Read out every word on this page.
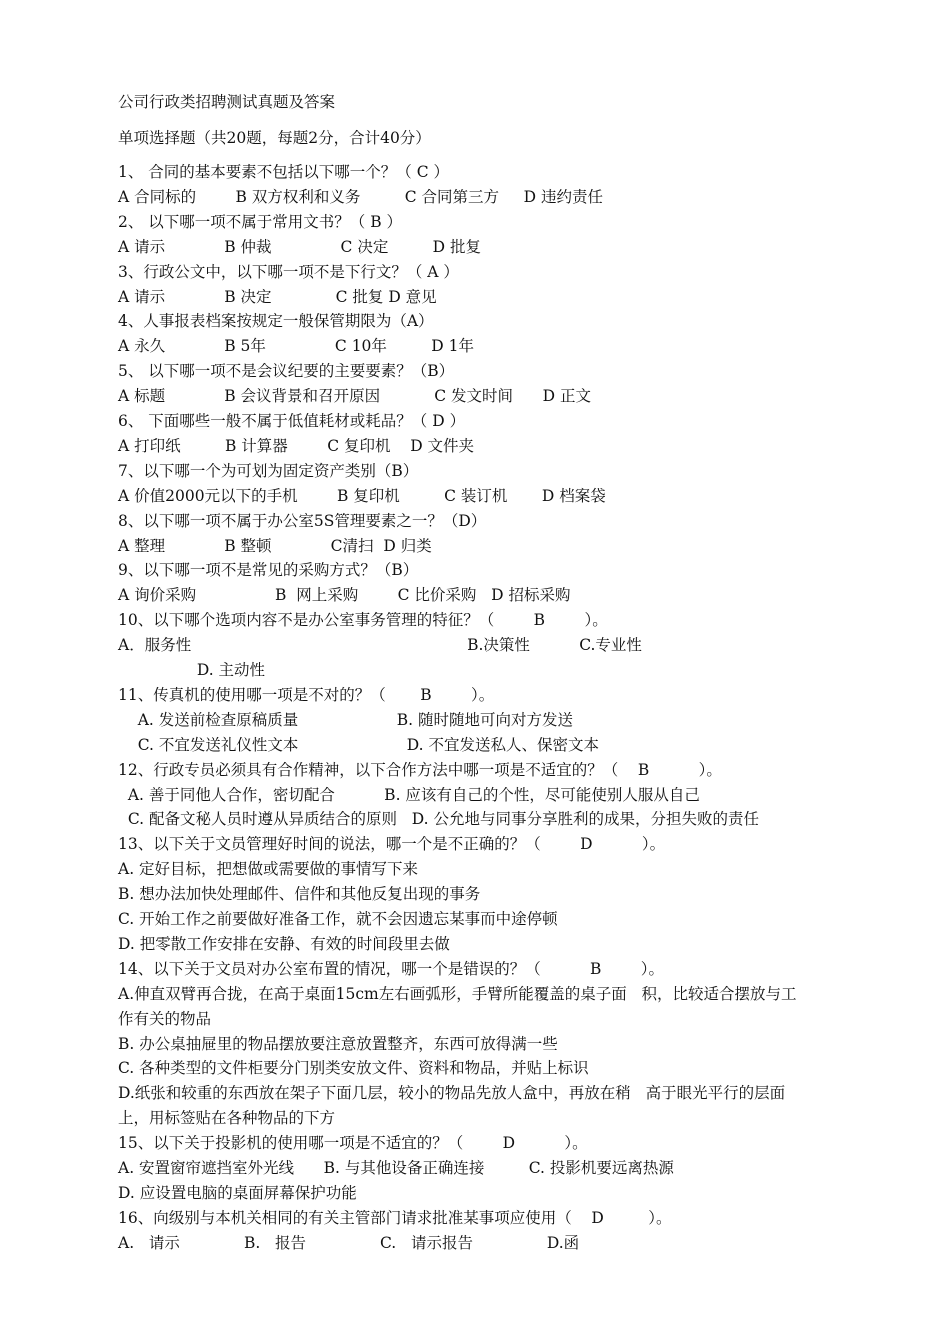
公司行政类招聘测试真题及答案
单项选择题（共20题，每题2分，合计40分）
1、 合同的基本要素不包括以下哪一个？（ C ）
A 合同标的        B 双方权利和义务         C 合同第三方     D 违约责任
2、 以下哪一项不属于常用文书？（ B ）
A 请示            B 仲裁              C 决定         D 批复
3、行政公文中，以下哪一项不是下行文？（ A ）
A 请示            B 决定             C 批复 D 意见
4、人事报表档案按规定一般保管期限为（A）
A 永久            B 5年              C 10年         D 1年
5、 以下哪一项不是会议纪要的主要要素？（B）
A 标题            B 会议背景和召开原因           C 发文时间      D 正文
6、 下面哪些一般不属于低值耗材或耗品？（ D ）
A 打印纸         B 计算器        C 复印机    D 文件夹
7、以下哪一个为可划为固定资产类别（B）
A 价值2000元以下的手机        B 复印机         C 装订机       D 档案袋
8、以下哪一项不属于办公室5S管理要素之一？（D）
A 整理            B 整顿            C清扫  D 归类
9、以下哪一项不是常见的采购方式？（B）
A 询价采购                B  网上采购        C 比价采购   D 招标采购
10、以下哪个选项内容不是办公室事务管理的特征？（        B        ）。
A．服务性                                                        B.决策性          C.专业性
D. 主动性
11、传真机的使用哪一项是不对的？（       B        ）。
A. 发送前检查原稿质量                    B. 随时随地可向对方发送
C. 不宜发送礼仪性文本                      D. 不宜发送私人、保密文本
12、行政专员必须具有合作精神，以下合作方法中哪一项是不适宜的？（    B          ）。
A. 善于同他人合作，密切配合          B. 应该有自己的个性，尽可能使别人服从自己
C. 配备文秘人员时遵从异质结合的原则   D. 公允地与同事分享胜利的成果，分担失败的责任
13、以下关于文员管理好时间的说法，哪一个是不正确的？（        D          ）。
A. 定好目标，把想做或需要做的事情写下来
B. 想办法加快处理邮件、信件和其他反复出现的事务
C. 开始工作之前要做好准备工作，就不会因遗忘某事而中途停顿
D. 把零散工作安排在安静、有效的时间段里去做
14、以下关于文员对办公室布置的情况，哪一个是错误的？（          B        ）。
A.伸直双臂再合拢，在高于桌面15cm左右画弧形，手臂所能覆盖的桌子面   积，比较适合摆放与工
作有关的物品
B. 办公桌抽屉里的物品摆放要注意放置整齐，东西可放得满一些
C. 各种类型的文件柜要分门别类安放文件、资料和物品，并贴上标识
D.纸张和较重的东西放在架子下面几层，较小的物品先放人盒中，再放在稍   高于眼光平行的层面
上，用标签贴在各种物品的下方
15、以下关于投影机的使用哪一项是不适宜的？（        D          ）。
A. 安置窗帘遮挡室外光线      B. 与其他设备正确连接         C. 投影机要远离热源
D. 应设置电脑的桌面屏幕保护功能
16、向级别与本机关相同的有关主管部门请求批准某事项应使用（    D         ）。
A.   请示             B.   报告               C.   请示报告               D.函
